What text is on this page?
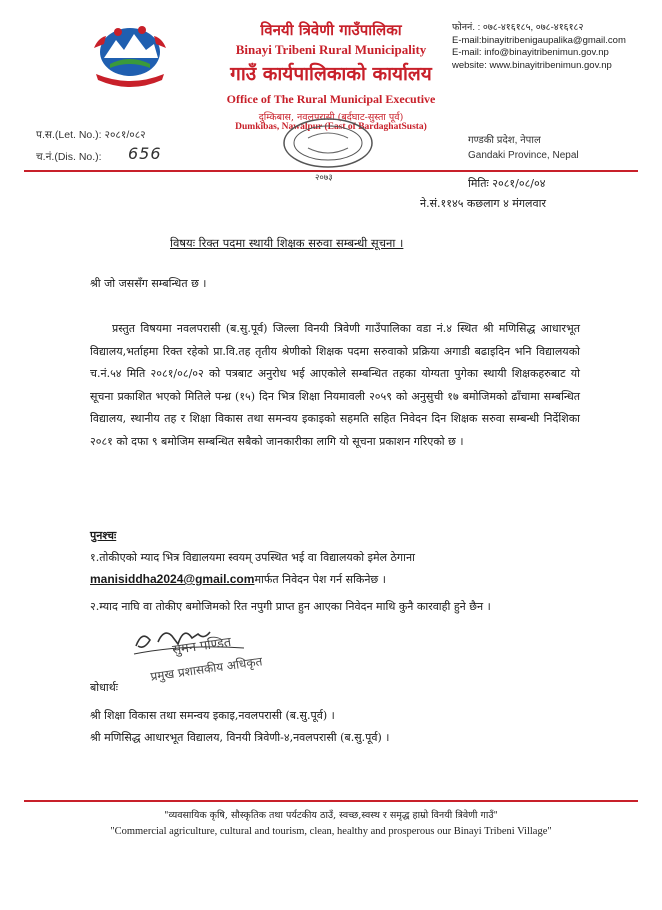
विनयी त्रिवेणी गाउँपालिका
Binayi Tribeni Rural Municipality
गाउँ कार्यपालिकाको कार्यालय
Office of The Rural Municipal Executive
दुम्किबास, नवलपरासी (बर्दघाट-सुस्ता पूर्व)
Dumkibas, Nawalpur (East of BardaghatSusta)
फोननं. : ०७८-४१६१८५, ०७८-४१६१८२
E-mail:binayitribenigaupalika@gmail.com
E-mail: info@binayitribenimun.gov.np
website: www.binayitribenimun.gov.np
प.स.(Let. No.): २०८१/०८२
च.नं.(Dis. No.): 656
गण्डकी प्रदेश, नेपाल
Gandaki Province, Nepal
२०७३	मितिः २०८१/०८/०४
ने.सं.११४५ कछलाग ४ मंगलवार
विषयः रिक्त पदमा स्थायी शिक्षक सरुवा सम्बन्धी सूचना ।
श्री जो जससँग सम्बन्धित छ ।
प्रस्तुत विषयमा नवलपरासी (ब.सु.पूर्व) जिल्ला विनयी त्रिवेणी गाउँपालिका वडा नं.४ स्थित श्री मणिसिद्ध आधारभूत विद्यालय,भर्ताहमा रिक्त रहेको प्रा.वि.तह तृतीय श्रेणीको शिक्षक पदमा सरुवाको प्रक्रिया अगाडी बढाइदिन भनि विद्यालयको च.नं.५४ मिति २०८१/०८/०२ को पत्रबाट अनुरोध भई आएकोले सम्बन्धित तहका योग्यता पुगेका स्थायी शिक्षकहरुबाट यो सूचना प्रकाशित भएको मितिले पन्ध्र (१५) दिन भित्र शिक्षा नियमावली २०५९ को अनुसुची १७ बमोजिमको ढाँचामा सम्बन्धित विद्यालय, स्थानीय तह र शिक्षा विकास तथा समन्वय इकाइको सहमति सहित निवेदन दिन शिक्षक सरुवा सम्बन्धी निर्देशिका २०८१ को दफा ९ बमोजिम सम्बन्धित सबैको जानकारीका लागि यो सूचना प्रकाशन गरिएको छ ।
पुनश्चः
१.तोकीएको म्याद भित्र विद्यालयमा स्वयम् उपस्थित भई वा विद्यालयको इमेल ठेगाना
manisiddha2024@gmail.comमार्फत निवेदन पेश गर्न सकिनेछ ।
२.म्याद नाघि वा तोकीए बमोजिमको रित नपुगी प्राप्त हुन आएका निवेदन माथि कुनै कारवाही हुने छैन ।
सुमन पण्डित
प्रमुख प्रशासकीय अधिकृत
बोधार्थः
श्री शिक्षा विकास तथा समन्वय इकाइ,नवलपरासी (ब.सु.पूर्व) ।
श्री मणिसिद्ध आधारभूत विद्यालय, विनयी त्रिवेणी-४,नवलपरासी (ब.सु.पूर्व) ।
"व्यवसायिक कृषि, सौस्कृतिक तथा पर्यटकीय ठाउँ, स्वच्छ,स्वस्थ र समृद्ध हाम्रो विनयी त्रिवेणी गाउँ"
"Commercial agriculture, cultural and tourism, clean, healthy and prosperous our Binayi Tribeni Village"
